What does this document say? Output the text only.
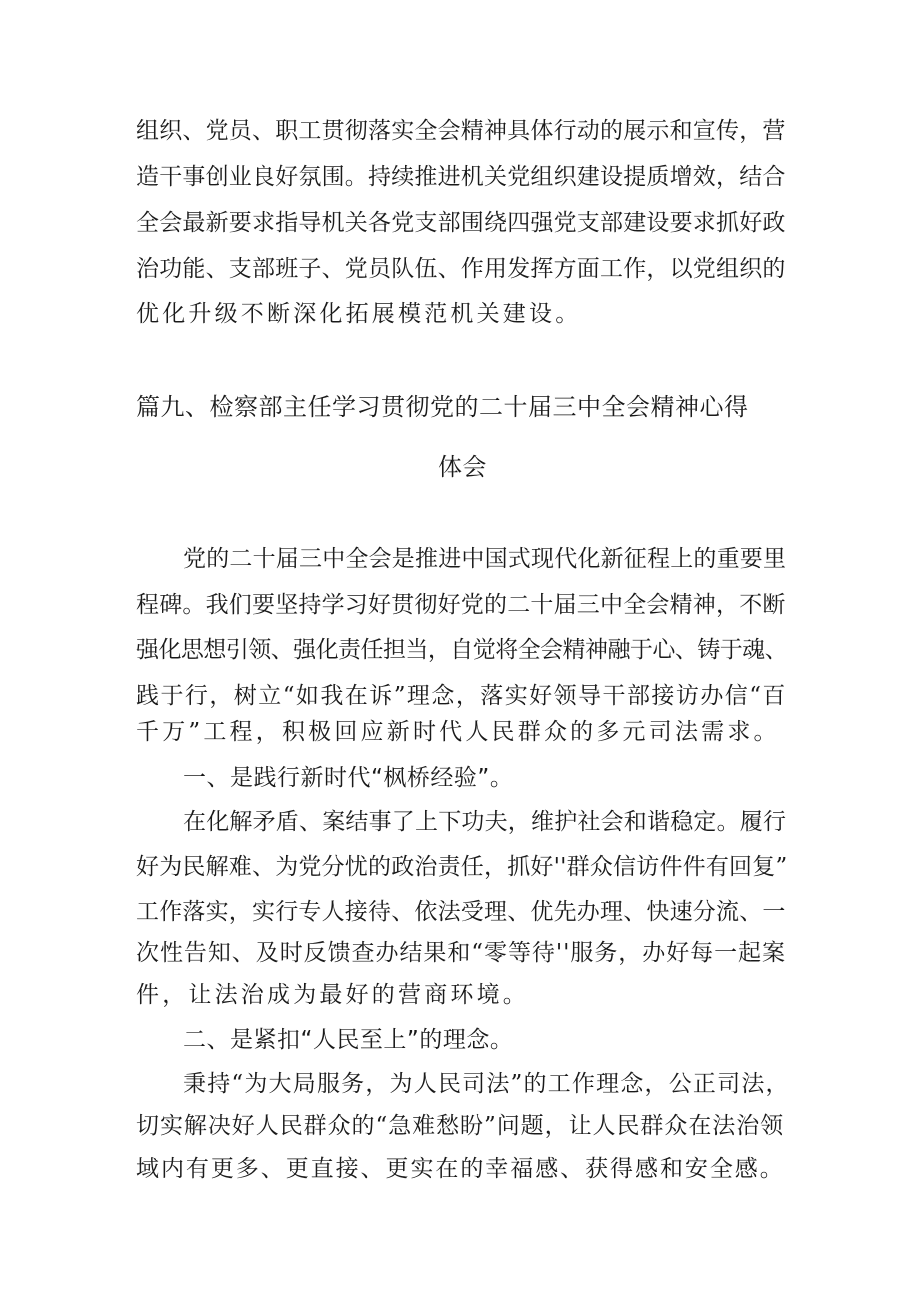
组织、党员、职工贯彻落实全会精神具体行动的展示和宣传，营
造干事创业良好氛围。持续推进机关党组织建设提质增效，结合
全会最新要求指导机关各党支部围绕四强党支部建设要求抓好政
治功能、支部班子、党员队伍、作用发挥方面工作，以党组织的
优化升级不断深化拓展模范机关建设。
篇九、检察部主任学习贯彻党的二十届三中全会精神心得
体会
党的二十届三中全会是推进中国式现代化新征程上的重要里
程碑。我们要坚持学习好贯彻好党的二十届三中全会精神，不断
强化思想引领、强化责任担当，自觉将全会精神融于心、铸于魂、
践于行，树立“如我在诉”理念，落实好领导干部接访办信“百
千万”工程，积极回应新时代人民群众的多元司法需求。
一、是践行新时代“枫桥经验”。
在化解矛盾、案结事了上下功夫，维护社会和谐稳定。履行
好为民解难、为党分忧的政治责任，抓好''群众信访件件有回复”
工作落实，实行专人接待、依法受理、优先办理、快速分流、一
次性告知、及时反馈查办结果和“零等待''服务，办好每一起案
件，让法治成为最好的营商环境。
二、是紧扣“人民至上”的理念。
秉持“为大局服务，为人民司法”的工作理念，公正司法，
切实解决好人民群众的“急难愁盼”问题，让人民群众在法治领
域内有更多、更直接、更实在的幸福感、获得感和安全感。
